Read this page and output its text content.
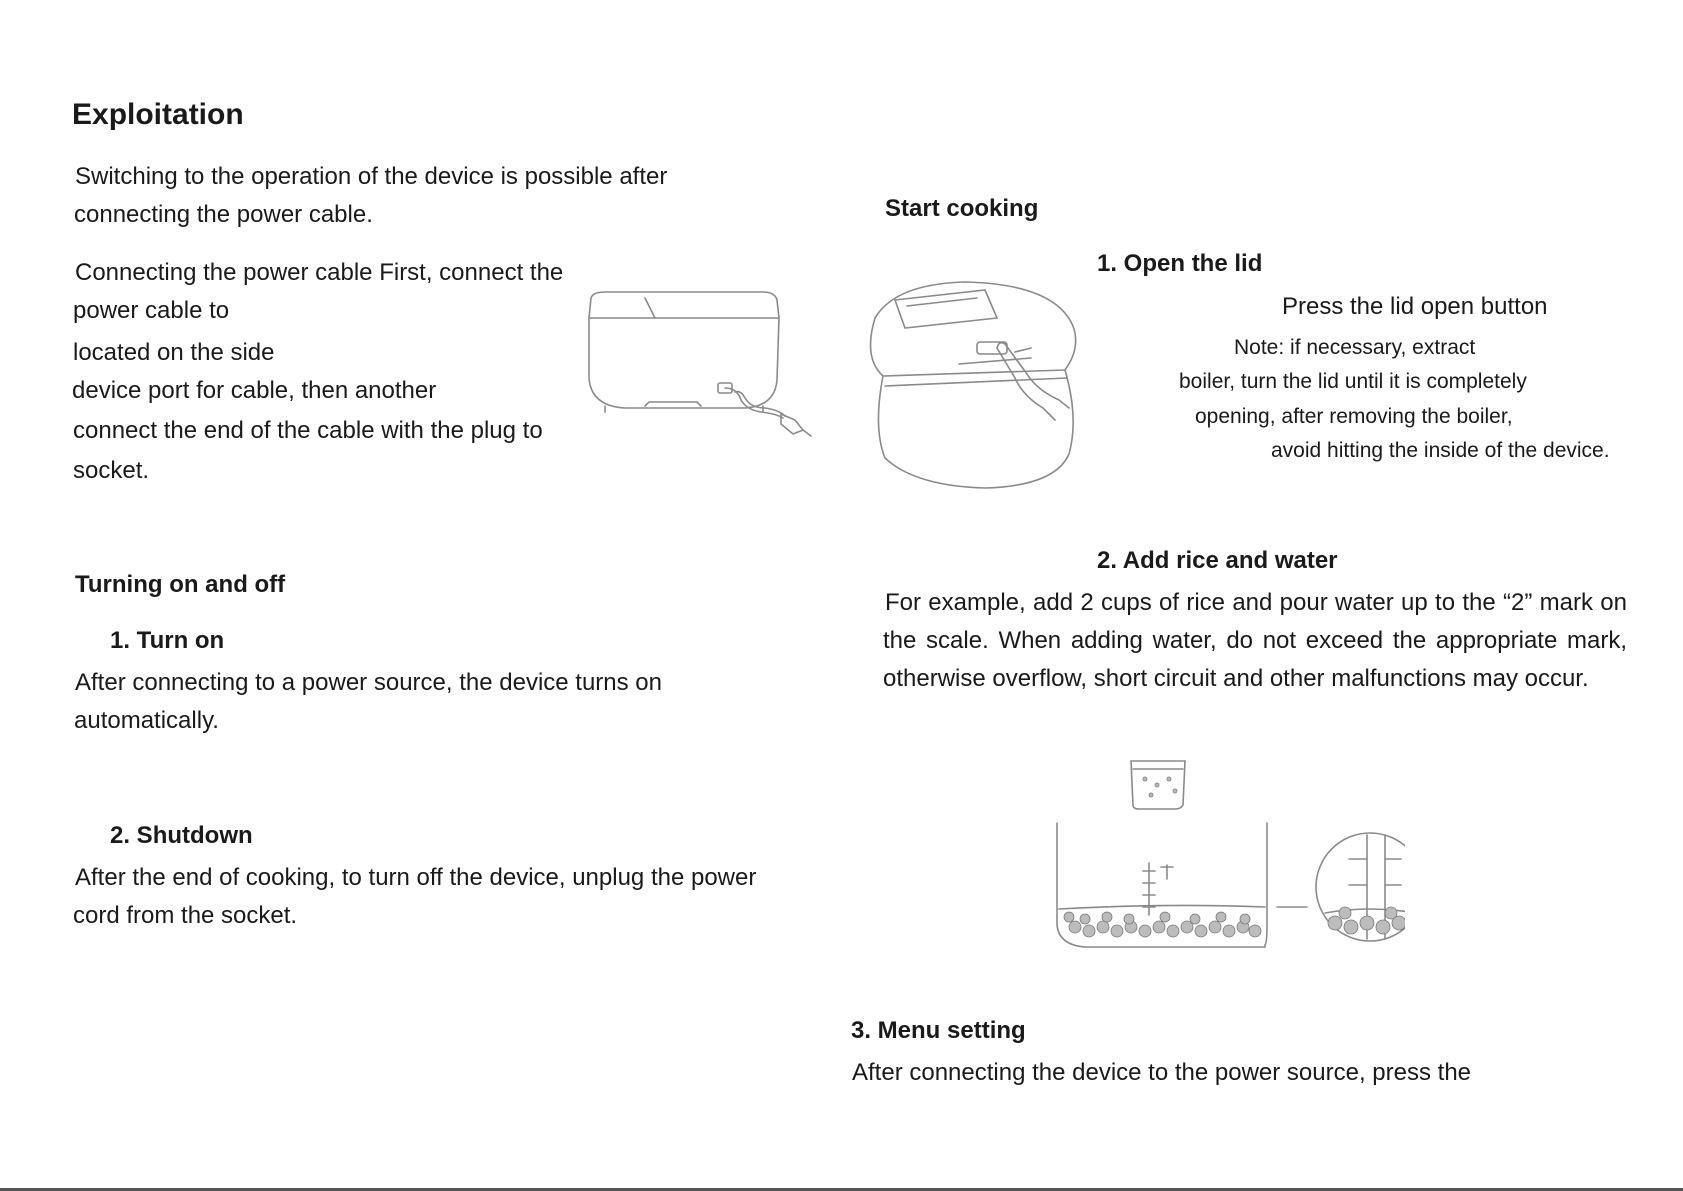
Exploitation

Switching to the operation of the device is possible after

connecting the power cable.

Connecting the power cable First, connect the

power cable to

located on the side

device port for cable, then another

connect the end of the cable with the plug to

socket.

Turning on and off
1. Turn on

After connecting to a power source, the device turns on

automatically.

2. Shutdown

After the end of cooking, to turn off the device, unplug the power

cord from the socket.

Start cooking
1. Open the lid

Press the lid open button

Note: if necessary, extract

boiler, turn the lid until it is completely

opening, after removing the boiler,

avoid hitting the inside of the device.

2. Add rice and water

For example, add 2 cups of rice and pour water up to the “2” mark on the scale. When adding water, do not exceed the appropriate mark, otherwise overflow, short circuit and other malfunctions may occur.

3. Menu setting

After connecting the device to the power source, press the
